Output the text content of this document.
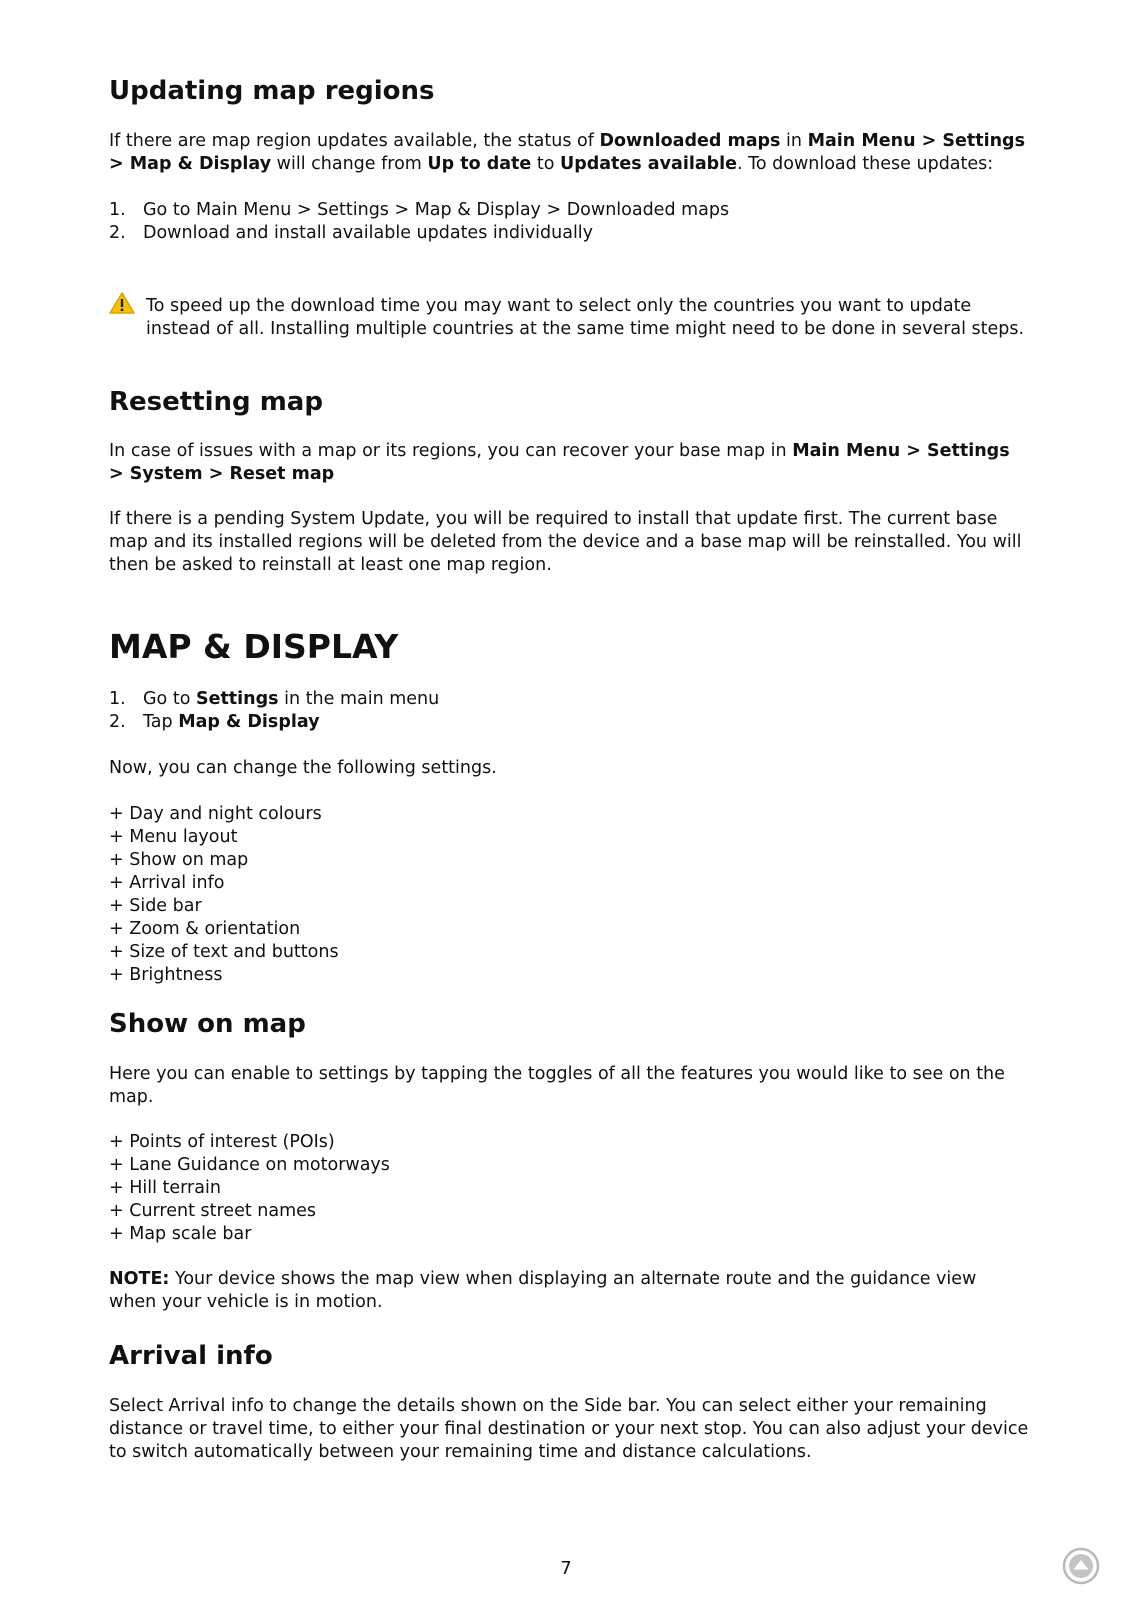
Updating map regions

If there are map region updates available, the status of Downloaded maps in Main Menu > Settings > Map & Display will change from Up to date to Updates available. To download these updates:

1. Go to Main Menu > Settings > Map & Display > Downloaded maps
2. Download and install available updates individually

To speed up the download time you may want to select only the countries you want to update instead of all. Installing multiple countries at the same time might need to be done in several steps.

Resetting map

In case of issues with a map or its regions, you can recover your base map in Main Menu > Settings > System > Reset map

If there is a pending System Update, you will be required to install that update first. The current base map and its installed regions will be deleted from the device and a base map will be reinstalled. You will then be asked to reinstall at least one map region.

MAP & DISPLAY
1. Go to Settings in the main menu
2. Tap Map & Display

Now, you can change the following settings.

+ Day and night colours
+ Menu layout
+ Show on map
+ Arrival info
+ Side bar
+ Zoom & orientation
+ Size of text and buttons
+ Brightness
Show on map

Here you can enable to settings by tapping the toggles of all the features you would like to see on the map.

+ Points of interest (POIs)
+ Lane Guidance on motorways
+ Hill terrain
+ Current street names
+ Map scale bar

NOTE: Your device shows the map view when displaying an alternate route and the guidance view when your vehicle is in motion.

Arrival info

Select Arrival info to change the details shown on the Side bar. You can select either your remaining distance or travel time, to either your final destination or your next stop. You can also adjust your device to switch automatically between your remaining time and distance calculations.

7
